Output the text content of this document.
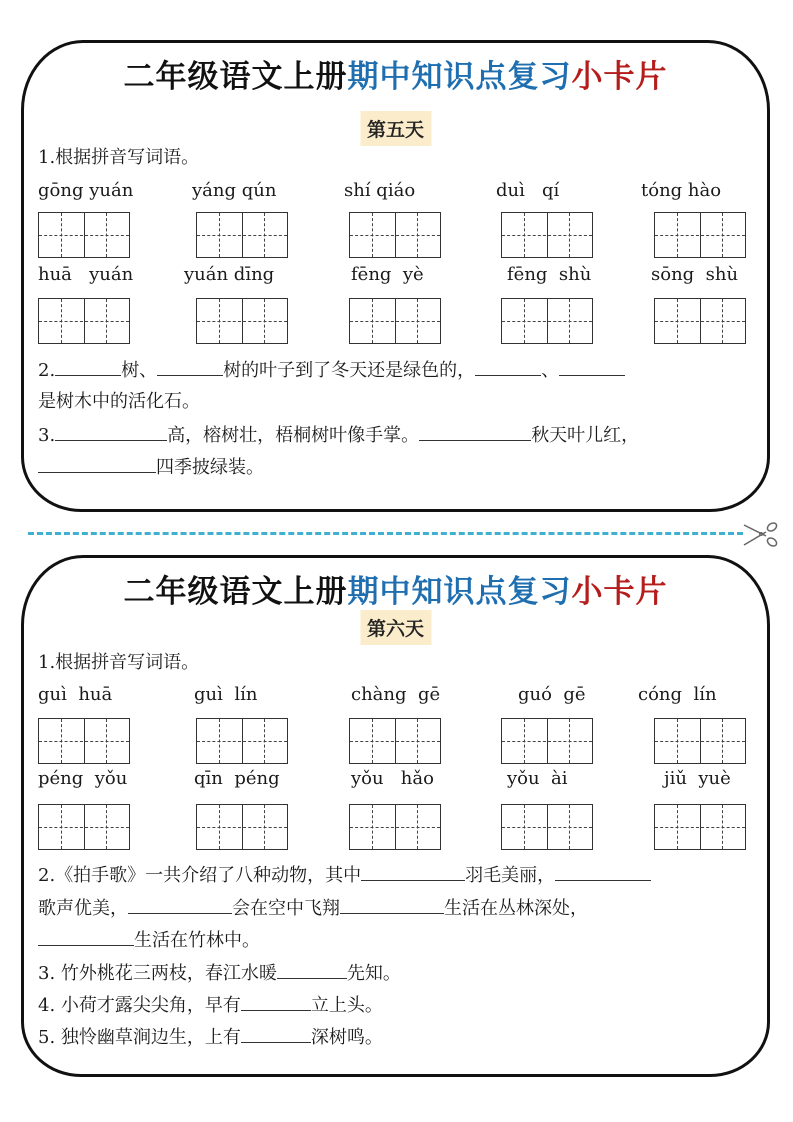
二年级语文上册期中知识点复习小卡片
第五天
1.根据拼音写词语。
gōng yuán	yáng qún	shí qiáo	duì   qí	tóng hào
huā   yuán	yuán dīng	fēng  yè	fēng  shù	sōng  shù
2.	树、	树的叶子到了冬天还是绿色的，	、
是树木中的活化石。
3.	高，榕树壮，梧桐树叶像手掌。	秋天叶儿红，
四季披绿装。
二年级语文上册期中知识点复习小卡片
第六天
1.根据拼音写词语。
guì  huā	guì  lín	chàng  gē	guó  gē	cóng  lín
péng  yǒu	qīn  péng	yǒu   hǎo	yǒu  ài	jiǔ  yuè
2.《拍手歌》一共介绍了八种动物，其中	羽毛美丽，
歌声优美，	会在空中飞翔	生活在丛林深处，
生活在竹林中。
3. 竹外桃花三两枝，春江水暖	先知。
4. 小荷才露尖尖角，早有	立上头。
5. 独怜幽草涧边生，上有	深树鸣。
